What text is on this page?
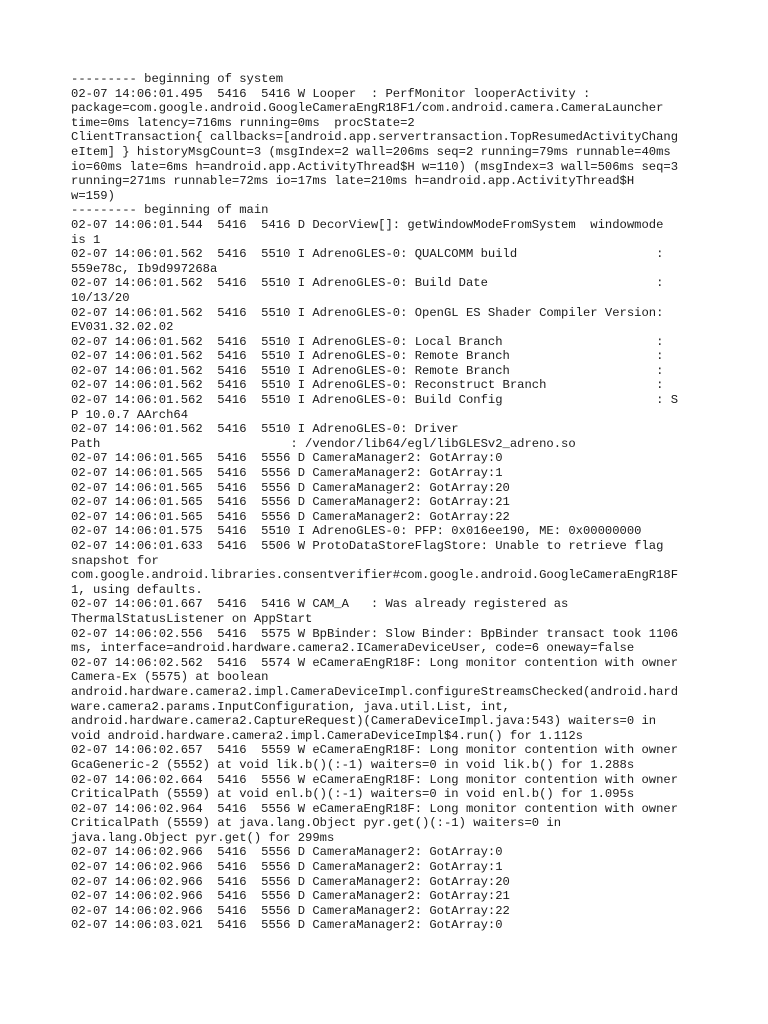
--------- beginning of system
02-07 14:06:01.495  5416  5416 W Looper  : PerfMonitor looperActivity :
package=com.google.android.GoogleCameraEngR18F1/com.android.camera.CameraLauncher
time=0ms latency=716ms running=0ms  procState=2
ClientTransaction{ callbacks=[android.app.servertransaction.TopResumedActivityChang
eItem] } historyMsgCount=3 (msgIndex=2 wall=206ms seq=2 running=79ms runnable=40ms
io=60ms late=6ms h=android.app.ActivityThread$H w=110) (msgIndex=3 wall=506ms seq=3
running=271ms runnable=72ms io=17ms late=210ms h=android.app.ActivityThread$H
w=159)
--------- beginning of main
02-07 14:06:01.544  5416  5416 D DecorView[]: getWindowModeFromSystem  windowmode
is 1
02-07 14:06:01.562  5416  5510 I AdrenoGLES-0: QUALCOMM build                   :
559e78c, Ib9d997268a
02-07 14:06:01.562  5416  5510 I AdrenoGLES-0: Build Date                       :
10/13/20
02-07 14:06:01.562  5416  5510 I AdrenoGLES-0: OpenGL ES Shader Compiler Version:
EV031.32.02.02
02-07 14:06:01.562  5416  5510 I AdrenoGLES-0: Local Branch                     :
02-07 14:06:01.562  5416  5510 I AdrenoGLES-0: Remote Branch                    :
02-07 14:06:01.562  5416  5510 I AdrenoGLES-0: Remote Branch                    :
02-07 14:06:01.562  5416  5510 I AdrenoGLES-0: Reconstruct Branch               :
02-07 14:06:01.562  5416  5510 I AdrenoGLES-0: Build Config                     : S
P 10.0.7 AArch64
02-07 14:06:01.562  5416  5510 I AdrenoGLES-0: Driver
Path                          : /vendor/lib64/egl/libGLESv2_adreno.so
02-07 14:06:01.565  5416  5556 D CameraManager2: GotArray:0
02-07 14:06:01.565  5416  5556 D CameraManager2: GotArray:1
02-07 14:06:01.565  5416  5556 D CameraManager2: GotArray:20
02-07 14:06:01.565  5416  5556 D CameraManager2: GotArray:21
02-07 14:06:01.565  5416  5556 D CameraManager2: GotArray:22
02-07 14:06:01.575  5416  5510 I AdrenoGLES-0: PFP: 0x016ee190, ME: 0x00000000
02-07 14:06:01.633  5416  5506 W ProtoDataStoreFlagStore: Unable to retrieve flag
snapshot for
com.google.android.libraries.consentverifier#com.google.android.GoogleCameraEngR18F
1, using defaults.
02-07 14:06:01.667  5416  5416 W CAM_A   : Was already registered as
ThermalStatusListener on AppStart
02-07 14:06:02.556  5416  5575 W BpBinder: Slow Binder: BpBinder transact took 1106
ms, interface=android.hardware.camera2.ICameraDeviceUser, code=6 oneway=false
02-07 14:06:02.562  5416  5574 W eCameraEngR18F: Long monitor contention with owner
Camera-Ex (5575) at boolean
android.hardware.camera2.impl.CameraDeviceImpl.configureStreamsChecked(android.hard
ware.camera2.params.InputConfiguration, java.util.List, int,
android.hardware.camera2.CaptureRequest)(CameraDeviceImpl.java:543) waiters=0 in
void android.hardware.camera2.impl.CameraDeviceImpl$4.run() for 1.112s
02-07 14:06:02.657  5416  5559 W eCameraEngR18F: Long monitor contention with owner
GcaGeneric-2 (5552) at void lik.b()(:-1) waiters=0 in void lik.b() for 1.288s
02-07 14:06:02.664  5416  5556 W eCameraEngR18F: Long monitor contention with owner
CriticalPath (5559) at void enl.b()(:-1) waiters=0 in void enl.b() for 1.095s
02-07 14:06:02.964  5416  5556 W eCameraEngR18F: Long monitor contention with owner
CriticalPath (5559) at java.lang.Object pyr.get()(:-1) waiters=0 in
java.lang.Object pyr.get() for 299ms
02-07 14:06:02.966  5416  5556 D CameraManager2: GotArray:0
02-07 14:06:02.966  5416  5556 D CameraManager2: GotArray:1
02-07 14:06:02.966  5416  5556 D CameraManager2: GotArray:20
02-07 14:06:02.966  5416  5556 D CameraManager2: GotArray:21
02-07 14:06:02.966  5416  5556 D CameraManager2: GotArray:22
02-07 14:06:03.021  5416  5556 D CameraManager2: GotArray:0
